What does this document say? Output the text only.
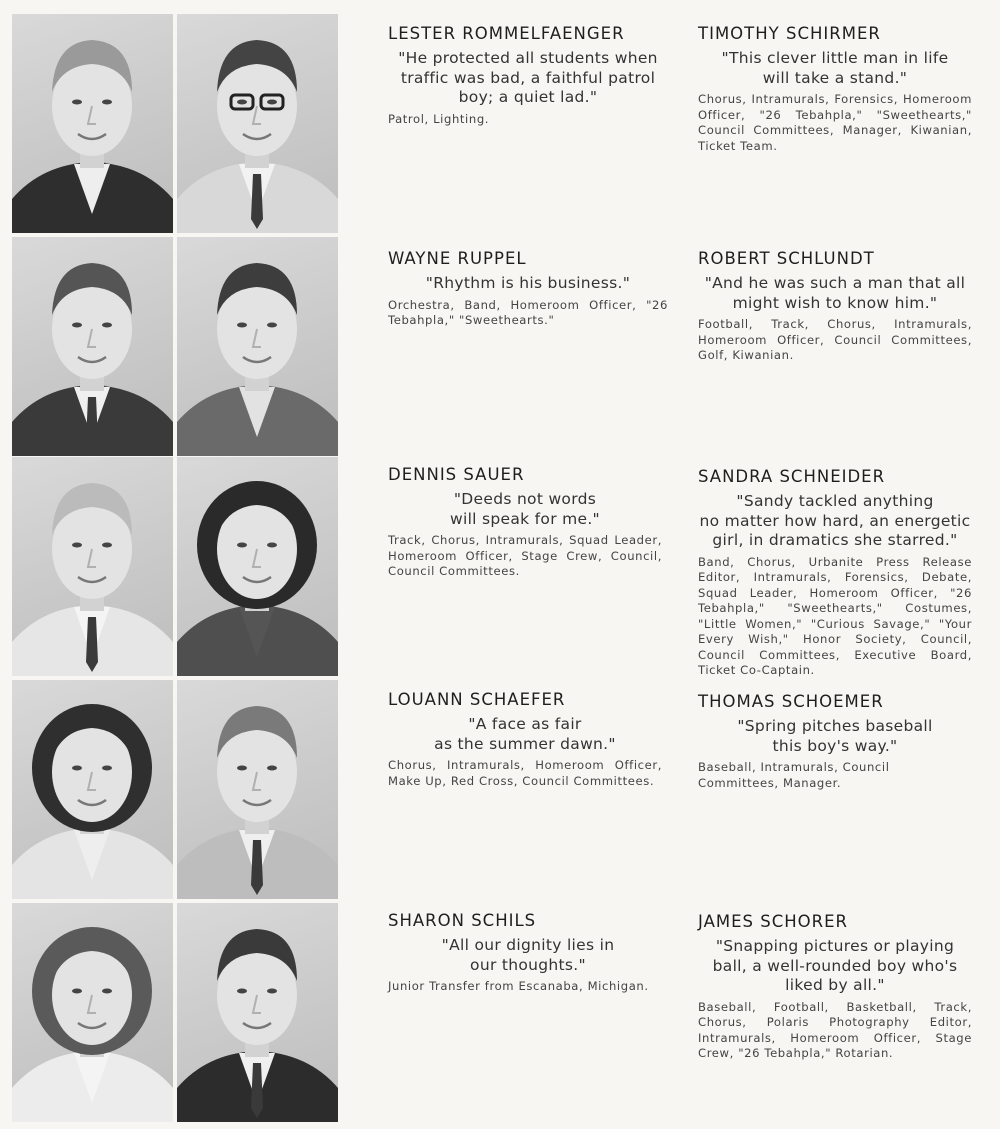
LESTER ROMMELFAENGER
"He protected all students when
traffic was bad, a faithful patrol
boy; a quiet lad."
Patrol, Lighting.
WAYNE RUPPEL
"Rhythm is his business."
Orchestra, Band, Homeroom Officer, "26 Tebahpla," "Sweethearts."
DENNIS SAUER
"Deeds not words
will speak for me."
Track, Chorus, Intramurals, Squad Leader, Homeroom Officer, Stage Crew, Council, Council Committees.
LOUANN SCHAEFER
"A face as fair
as the summer dawn."
Chorus, Intramurals, Homeroom Officer, Make Up, Red Cross, Council Committees.
SHARON SCHILS
"All our dignity lies in
our thoughts."
Junior Transfer from Escanaba, Michigan.
TIMOTHY SCHIRMER
"This clever little man in life
will take a stand."
Chorus, Intramurals, Forensics, Homeroom Officer, "26 Tebahpla," "Sweethearts," Council Committees, Manager, Kiwanian, Ticket Team.
ROBERT SCHLUNDT
"And he was such a man that all
might wish to know him."
Football, Track, Chorus, Intramurals, Homeroom Officer, Council Committees, Golf, Kiwanian.
SANDRA SCHNEIDER
"Sandy tackled anything
no matter how hard, an energetic
girl, in dramatics she starred."
Band, Chorus, Urbanite Press Release Editor, Intramurals, Forensics, Debate, Squad Leader, Homeroom Officer, "26 Tebahpla," "Sweethearts," Costumes, "Little Women," "Curious Savage," "Your Every Wish," Honor Society, Council, Council Committees, Executive Board, Ticket Co-Captain.
THOMAS SCHOEMER
"Spring pitches baseball
this boy's way."
Baseball, Intramurals, Council Committees, Manager.
JAMES SCHORER
"Snapping pictures or playing
ball, a well-rounded boy who's
liked by all."
Baseball, Football, Basketball, Track, Chorus, Polaris Photography Editor, Intramurals, Homeroom Officer, Stage Crew, "26 Tebahpla," Rotarian.
